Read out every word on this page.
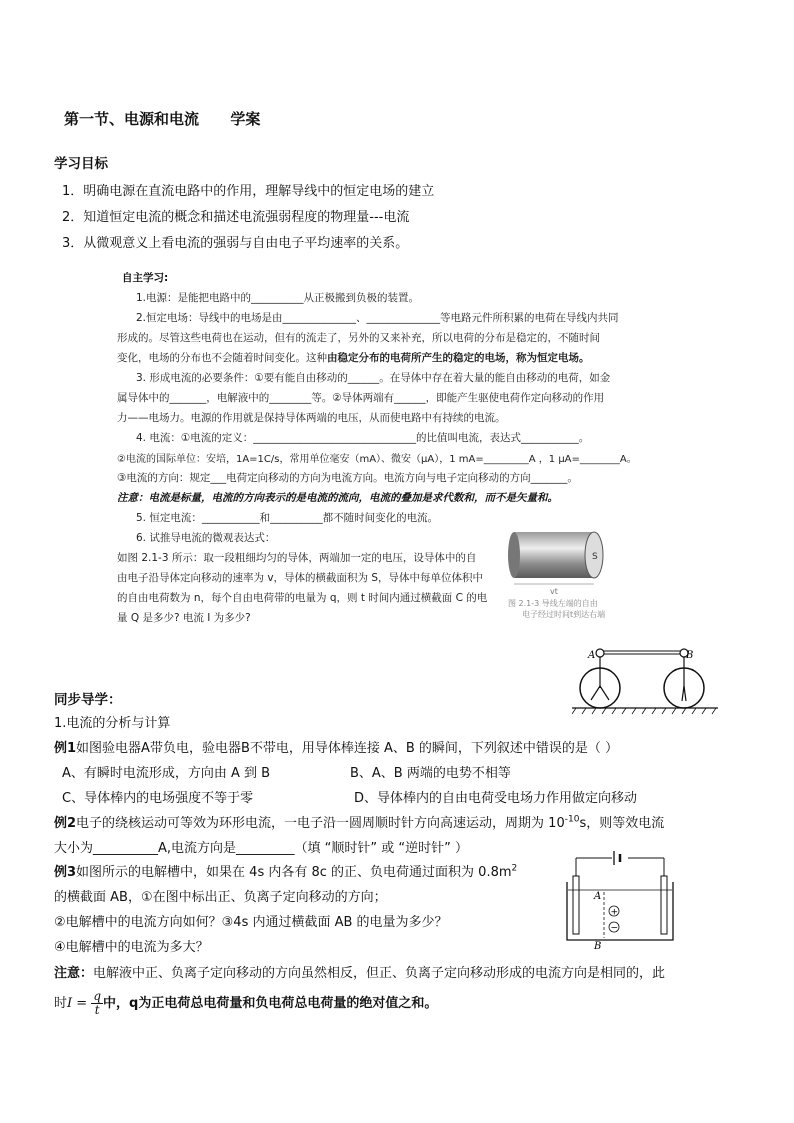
第一节、电源和电流      学案
学习目标
1．明确电源在直流电路中的作用，理解导线中的恒定电场的建立
2．知道恒定电流的概念和描述电流强弱程度的物理量---电流
3．从微观意义上看电流的强弱与自由电子平均速率的关系。
自主学习:
1.电源：是能把电路中的__________从正极搬到负极的装置。
2.恒定电场：导线中的电场是由______________、______________等电路元件所积累的电荷在导线内共同
形成的。尽管这些电荷也在运动，但有的流走了，另外的又来补充，所以电荷的分布是稳定的，不随时间
变化，电场的分布也不会随着时间变化。这种由稳定分布的电荷所产生的稳定的电场，称为恒定电场。
3. 形成电流的必要条件：①要有能自由移动的______。在导体中存在着大量的能自由移动的电荷，如金
属导体中的_______，电解液中的________等。②导体两端有______，即能产生驱使电荷作定向移动的作用
力——电场力。电源的作用就是保持导体两端的电压，从而使电路中有持续的电流。
4. 电流：①电流的定义：_______________________________的比值叫电流，表达式___________。
②电流的国际单位：安培，1A=1C/s，常用单位毫安（mA）、微安（μA），1 mA=_________A ，1 μA=________A。
③电流的方向：规定___电荷定向移动的方向为电流方向。电流方向与电子定向移动的方向_______。
注意：电流是标量，电流的方向表示的是电流的流向，电流的叠加是求代数和，而不是矢量和。
5. 恒定电流：___________和__________都不随时间变化的电流。
6. 试推导电流的微观表达式：
如图 2.1-3 所示：取一段粗细均匀的导体，两端加一定的电压，设导体中的自
由电子沿导体定向移动的速率为 v，导体的横截面积为 S，导体中每单位体积中
的自由电荷数为 n，每个自由电荷带的电量为 q，则 t 时间内通过横截面 C 的电
量 Q 是多少? 电流 I 为多少?
S
vt
图 2.1-3 导线左端的自由
电子经过时间t到达右端
A	B
同步导学：
1.电流的分析与计算
例1如图验电器A带负电，验电器B不带电，用导体棒连接 A、B 的瞬间，下列叙述中错误的是（ ）
A、有瞬时电流形成，方向由 A 到 B	B、A、B 两端的电势不相等
C、导体棒内的电场强度不等于零	D、导体棒内的自由电荷受电场力作用做定向移动
例2电子的绕核运动可等效为环形电流，一电子沿一圆周顺时针方向高速运动，周期为 $10^{-10}s$，则等效电流
大小为__________A,电流方向是_________（填 “顺时针” 或 “逆时针” ）
例3如图所示的电解槽中，如果在 4s 内各有 8c 的正、负电荷通过面积为 $0.8m^2$
的横截面 AB，①在图中标出正、负离子定向移动的方向；
②电解槽中的电流方向如何？③4s 内通过横截面 AB 的电量为多少？
④电解槽中的电流为多大？
A
B
+
−
注意：电解液中正、负离子定向移动的方向虽然相反，但正、负离子定向移动形成的电流方向是相同的，此
时$I = \frac{q}{t}$ 中，q为正电荷总电荷量和负电荷总电荷量的绝对值之和。
